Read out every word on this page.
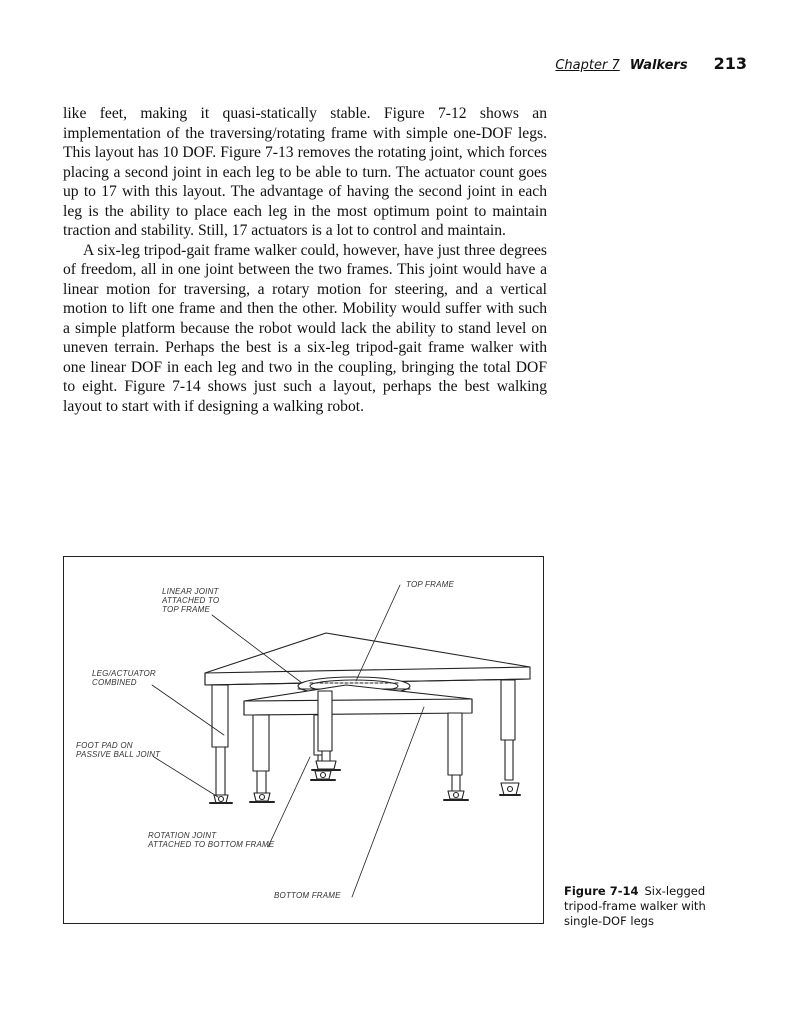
Chapter 7 Walkers 213

like feet, making it quasi-statically stable. Figure 7-12 shows an implementation of the traversing/rotating frame with simple one-DOF legs. This layout has 10 DOF. Figure 7-13 removes the rotating joint, which forces placing a second joint in each leg to be able to turn. The actuator count goes up to 17 with this layout. The advantage of having the second joint in each leg is the ability to place each leg in the most optimum point to maintain traction and stability. Still, 17 actuators is a lot to control and maintain.

A six-leg tripod-gait frame walker could, however, have just three degrees of freedom, all in one joint between the two frames. This joint would have a linear motion for traversing, a rotary motion for steering, and a vertical motion to lift one frame and then the other. Mobility would suffer with such a simple platform because the robot would lack the ability to stand level on uneven terrain. Perhaps the best is a six-leg tripod-gait frame walker with one linear DOF in each leg and two in the coupling, bringing the total DOF to eight. Figure 7-14 shows just such a layout, perhaps the best walking layout to start with if designing a walking robot.

LINEAR JOINT
ATTACHED TO
TOP FRAME
TOP FRAME
LEG/ACTUATOR
COMBINED
FOOT PAD ON
PASSIVE BALL JOINT
ROTATION JOINT
ATTACHED TO BOTTOM FRAME
BOTTOM FRAME	Figure 7-14 Six-legged tripod-frame walker with single-DOF legs
